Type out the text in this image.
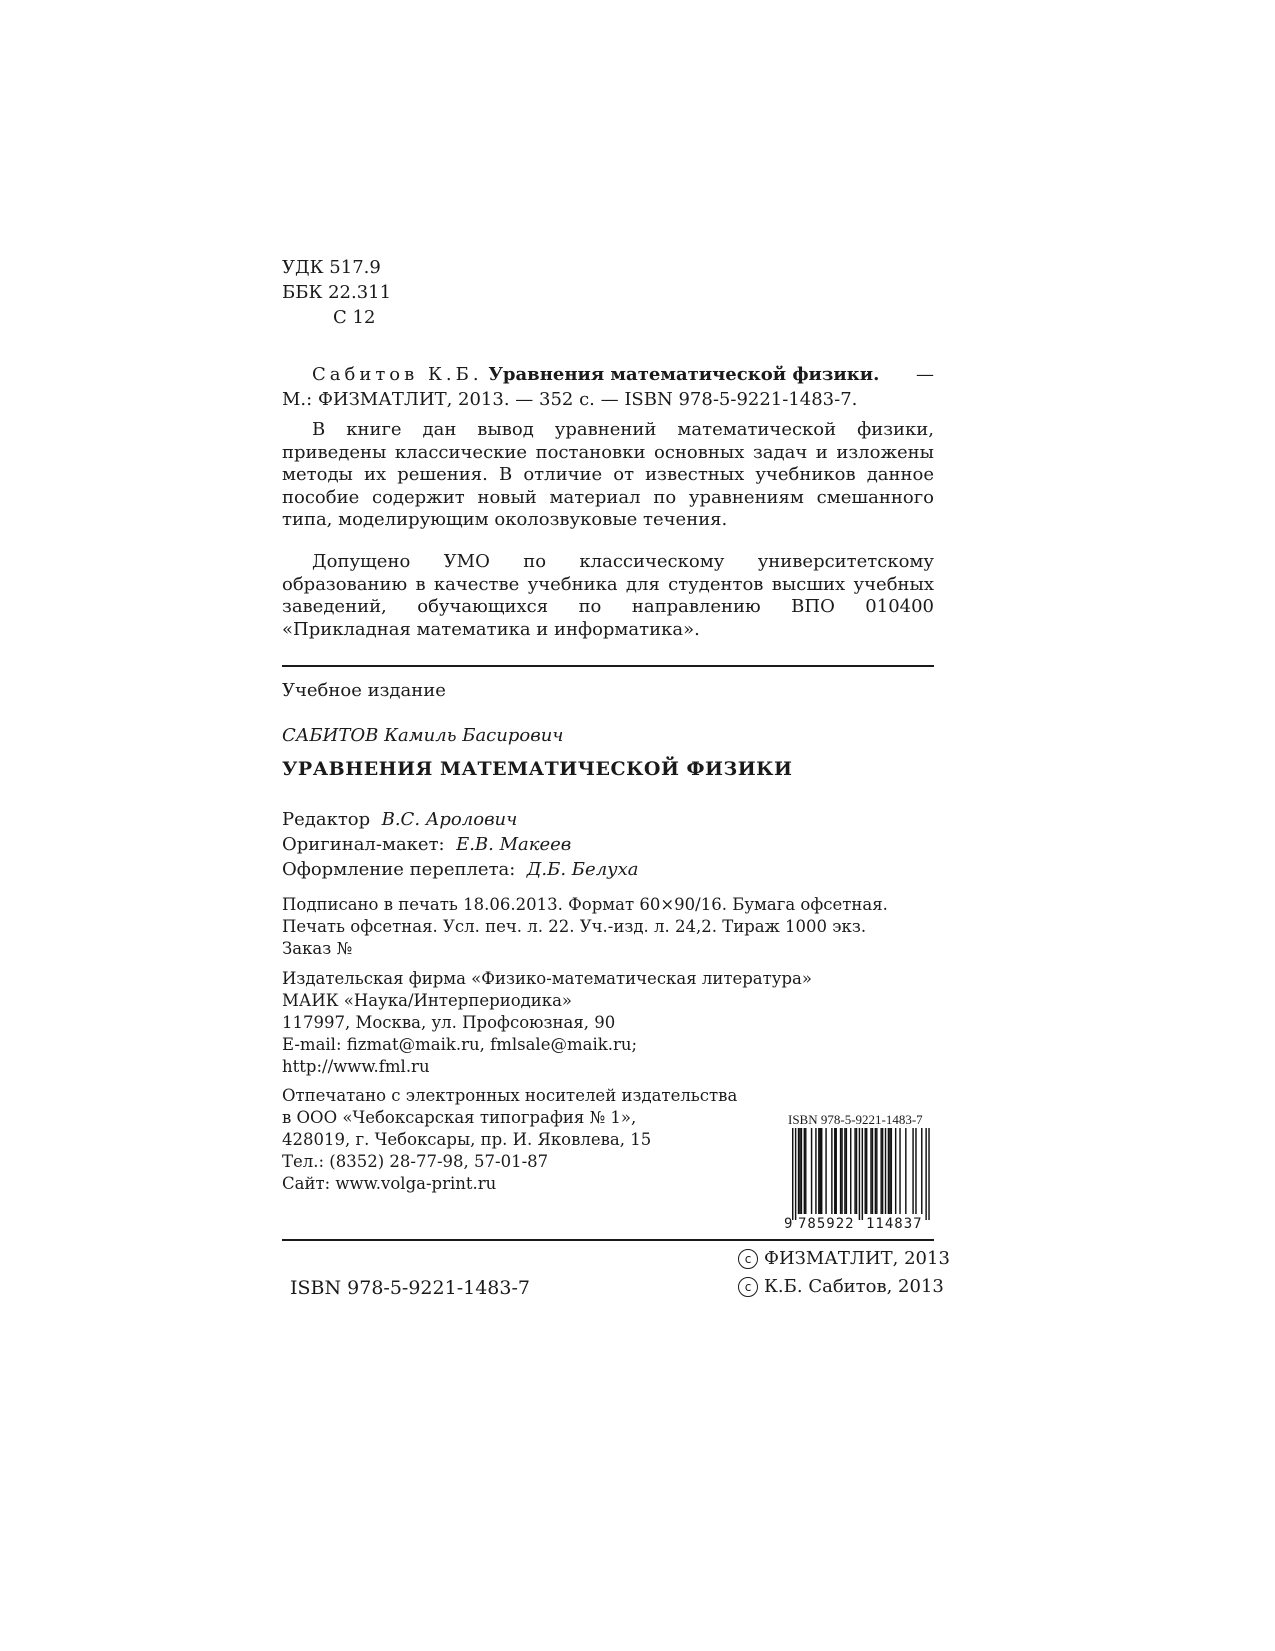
УДК 517.9
ББК 22.311
С 12
Сабитов К.Б. Уравнения математической физики. —
М.: ФИЗМАТЛИТ, 2013. — 352 с. — ISBN 978-5-9221-1483-7.
В книге дан вывод уравнений математической физики, приведены классические постановки основных задач и изложены методы их решения. В отличие от известных учебников данное пособие содержит новый материал по уравнениям смешанного типа, моделирующим околозвуковые течения.
Допущено УМО по классическому университетскому образованию в качестве учебника для студентов высших учебных заведений, обучающихся по направлению ВПО 010400 «Прикладная математика и информатика».
Учебное издание
САБИТОВ Камиль Басирович
УРАВНЕНИЯ МАТЕМАТИЧЕСКОЙ ФИЗИКИ
Редактор В.С. Аролович
Оригинал-макет: Е.В. Макеев
Оформление переплета: Д.Б. Белуха
Подписано в печать 18.06.2013. Формат 60×90/16. Бумага офсетная.
Печать офсетная. Усл. печ. л. 22. Уч.-изд. л. 24,2. Тираж 1000 экз.
Заказ №
Издательская фирма «Физико-математическая литература»
МАИК «Наука/Интерпериодика»
117997, Москва, ул. Профсоюзная, 90
E-mail: fizmat@maik.ru, fmlsale@maik.ru;
http://www.fml.ru
Отпечатано с электронных носителей издательства
в ООО «Чебоксарская типография № 1»,
428019, г. Чебоксары, пр. И. Яковлева, 15
Тел.: (8352) 28-77-98, 57-01-87
Сайт: www.volga-print.ru
ISBN 978-5-9221-1483-7
9 785922 114837
ISBN 978-5-9221-1483-7
c ФИЗМАТЛИТ, 2013
c К.Б. Сабитов, 2013
